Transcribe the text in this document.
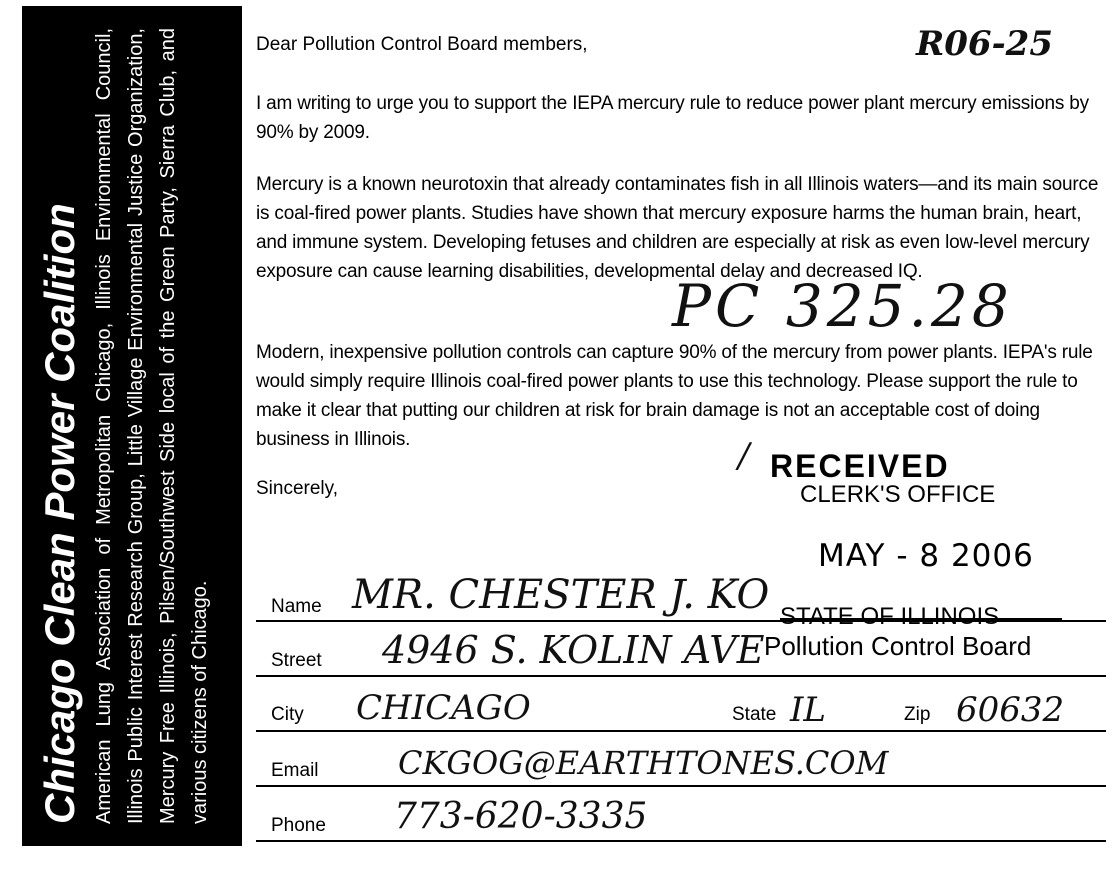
Chicago Clean Power Coalition American Lung Association of Metropolitan Chicago, Illinois Environmental Council, Illinois Public Interest Research Group, Little Village Environmental Justice Organization, Mercury Free Illinois, Pilsen/Southwest Side local of the Green Party, Sierra Club, and various citizens of Chicago.
Dear Pollution Control Board members,

I am writing to urge you to support the IEPA mercury rule to reduce power plant mercury emissions by 90% by 2009.

Mercury is a known neurotoxin that already contaminates fish in all Illinois waters—and its main source is coal-fired power plants. Studies have shown that mercury exposure harms the human brain, heart, and immune system. Developing fetuses and children are especially at risk as even low-level mercury exposure can cause learning disabilities, developmental delay and decreased IQ.

Modern, inexpensive pollution controls can capture 90% of the mercury from power plants. IEPA's rule would simply require Illinois coal-fired power plants to use this technology. Please support the rule to make it clear that putting our children at risk for brain damage is not an acceptable cost of doing business in Illinois.

Sincerely,
R06-25
PC 325.28
RECEIVED
/
CLERK'S OFFICE
MAY - 8 2006
STATE OF ILLINOIS
Pollution Control Board
Name MR. CHESTER J. KO
Street 4946 S. KOLIN AVE
City CHICAGO	State IL	Zip 60632
Email CKGOG@EARTHTONES.COM
Phone 773-620-3335
